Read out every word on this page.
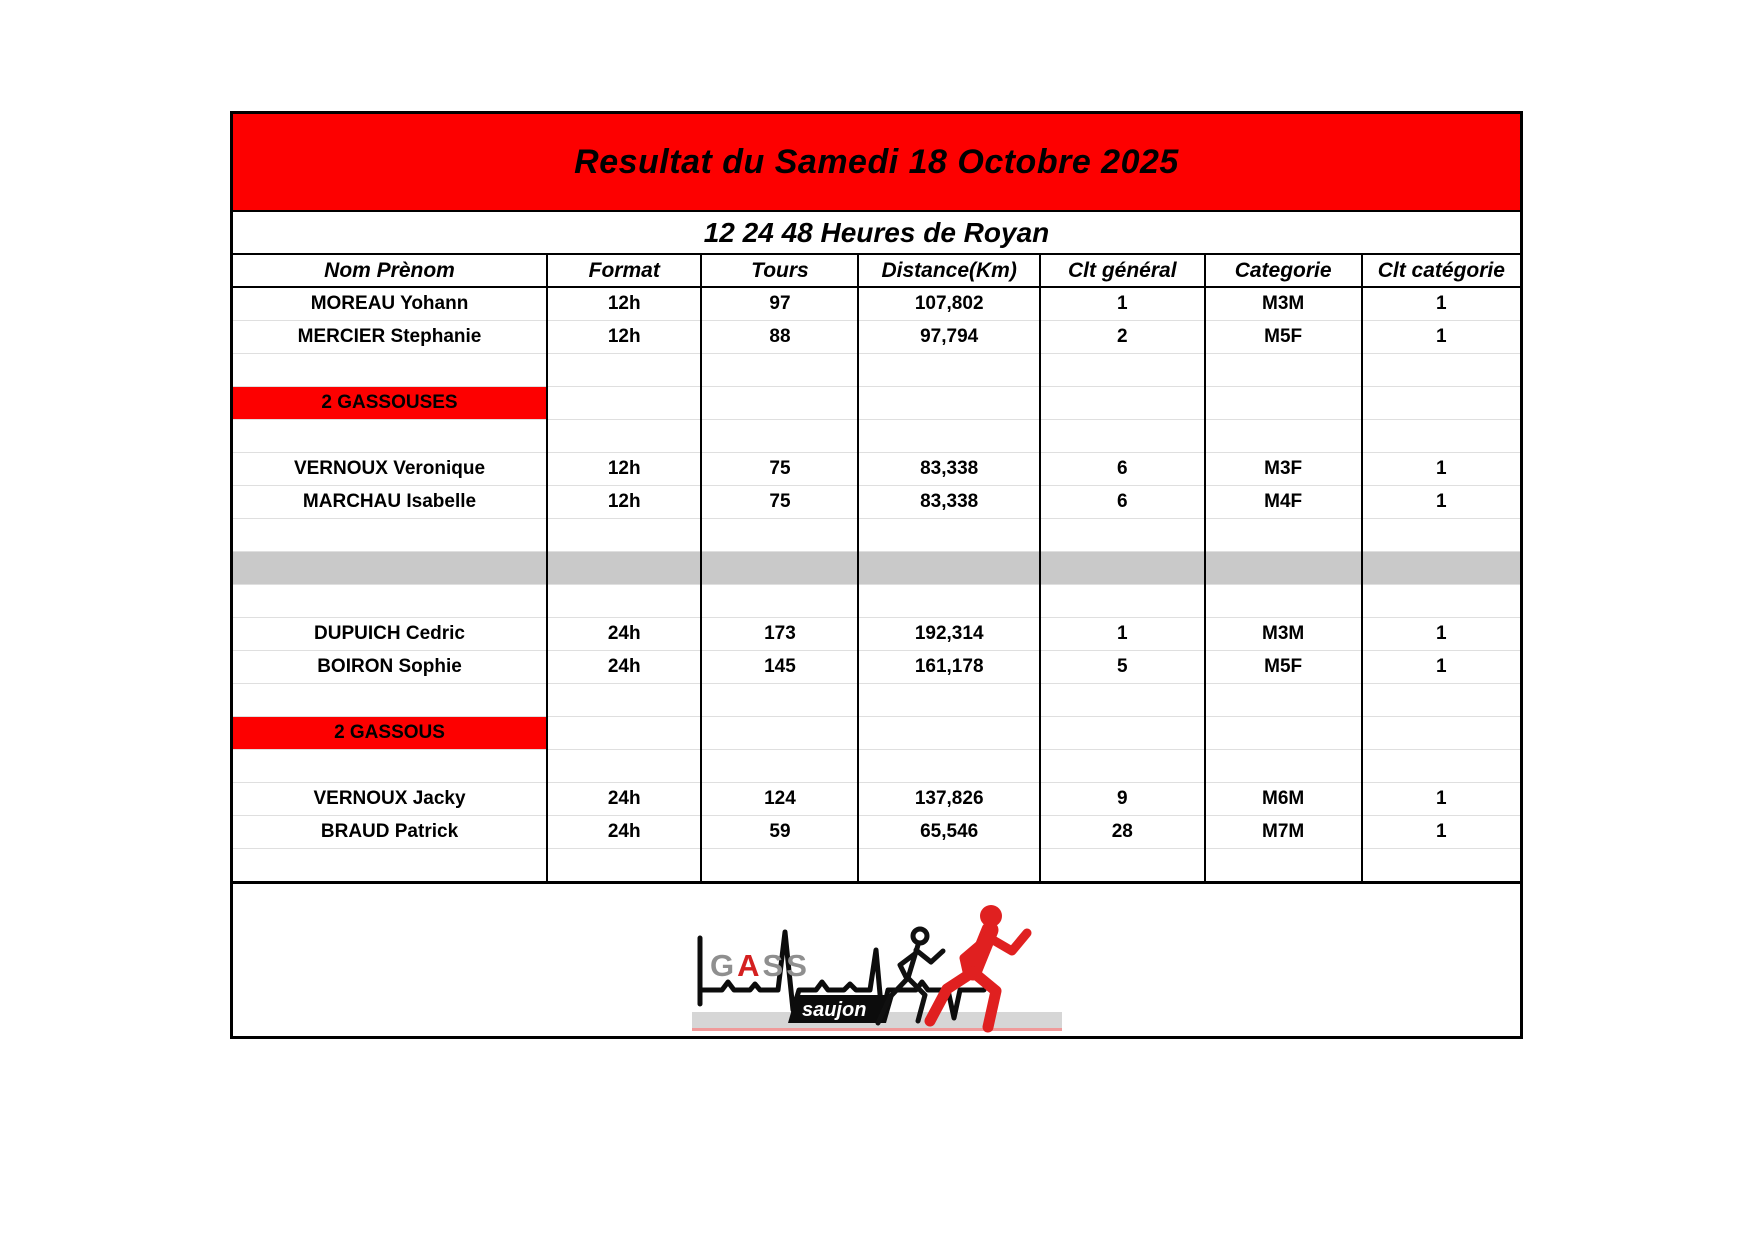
Resultat du Samedi 18 Octobre 2025
12 24 48 Heures de Royan
Nom Prènom	Format	Tours	Distance(Km)	Clt général	Categorie	Clt catégorie
MOREAU Yohann	12h	97	107,802	1	M3M	1
MERCIER Stephanie	12h	88	97,794	2	M5F	1

2 GASSOUSES						

VERNOUX Veronique	12h	75	83,338	6	M3F	1
MARCHAU Isabelle	12h	75	83,338	6	M4F	1

DUPUICH Cedric	24h	173	192,314	1	M3M	1
BOIRON Sophie	24h	145	161,178	5	M5F	1

2 GASSOUS						

VERNOUX Jacky	24h	124	137,826	9	M6M	1
BRAUD Patrick	24h	59	65,546	28	M7M	1

GASS
saujon
